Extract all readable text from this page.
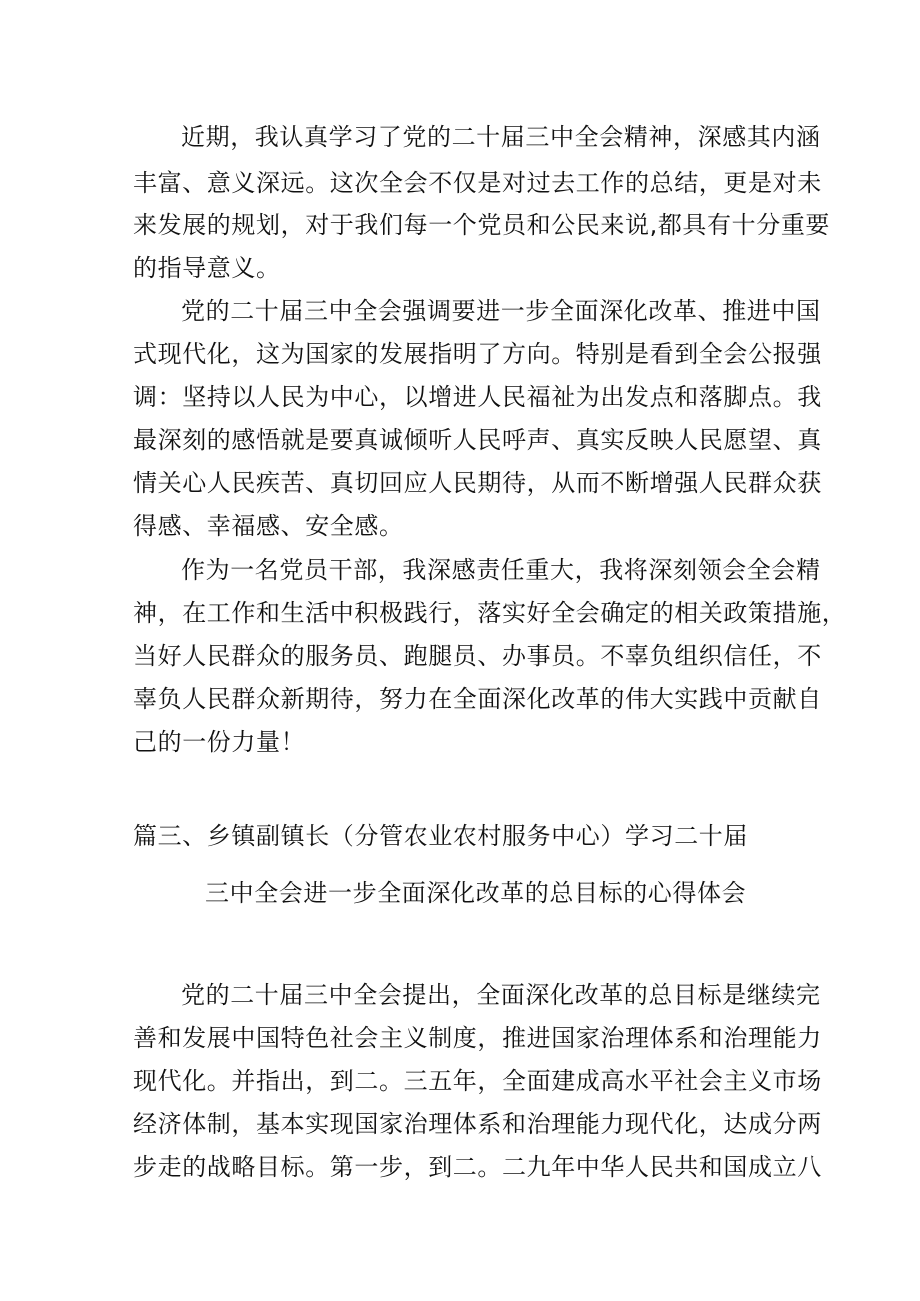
近期，我认真学习了党的二十届三中全会精神，深感其内涵
丰富、意义深远。这次全会不仅是对过去工作的总结，更是对未
来发展的规划，对于我们每一个党员和公民来说,都具有十分重要
的指导意义。
党的二十届三中全会强调要进一步全面深化改革、推进中国
式现代化，这为国家的发展指明了方向。特别是看到全会公报强
调：坚持以人民为中心，以增进人民福祉为出发点和落脚点。我
最深刻的感悟就是要真诚倾听人民呼声、真实反映人民愿望、真
情关心人民疾苦、真切回应人民期待，从而不断增强人民群众获
得感、幸福感、安全感。
作为一名党员干部，我深感责任重大，我将深刻领会全会精
神，在工作和生活中积极践行，落实好全会确定的相关政策措施，
当好人民群众的服务员、跑腿员、办事员。不辜负组织信任，不
辜负人民群众新期待，努力在全面深化改革的伟大实践中贡献自
己的一份力量！
篇三、乡镇副镇长（分管农业农村服务中心）学习二十届
三中全会进一步全面深化改革的总目标的心得体会
党的二十届三中全会提出，全面深化改革的总目标是继续完
善和发展中国特色社会主义制度，推进国家治理体系和治理能力
现代化。并指出，到二。三五年，全面建成高水平社会主义市场
经济体制，基本实现国家治理体系和治理能力现代化，达成分两
步走的战略目标。第一步，到二。二九年中华人民共和国成立八
